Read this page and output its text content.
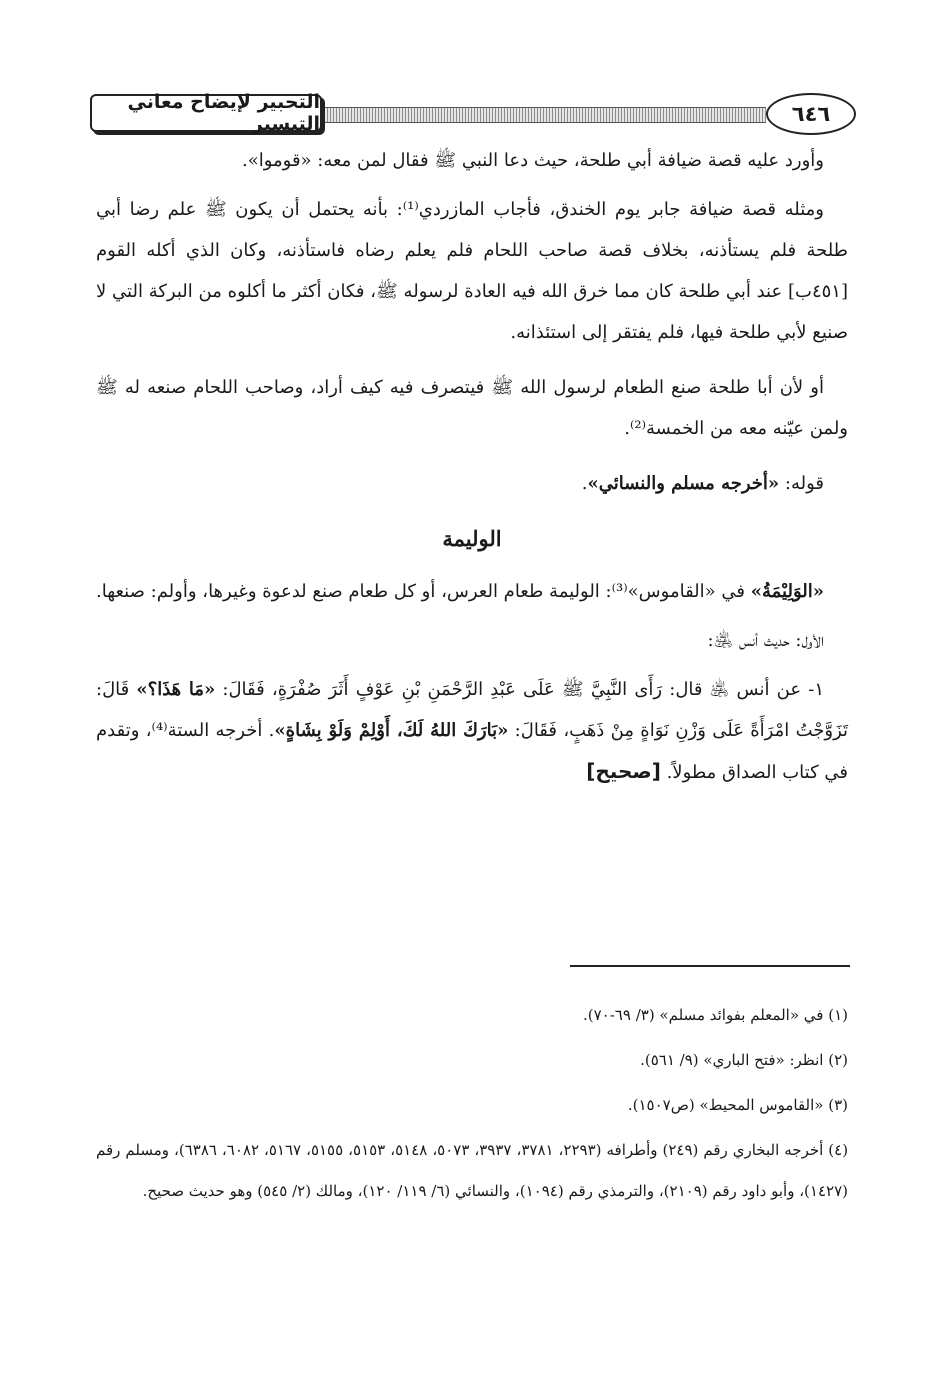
التحبير لإيضاح معاني التيسير	٦٤٦

وأورد عليه قصة ضيافة أبي طلحة، حيث دعا النبي ﷺ فقال لمن معه: «قوموا».

ومثله قصة ضيافة جابر يوم الخندق، فأجاب المازردي⁽¹⁾: بأنه يحتمل أن يكون ﷺ علم رضا أبي طلحة فلم يستأذنه، بخلاف قصة صاحب اللحام فلم يعلم رضاه فاستأذنه، وكان الذي أكله القوم [٤٥١ب] عند أبي طلحة كان مما خرق الله فيه العادة لرسوله ﷺ، فكان أكثر ما أكلوه من البركة التي لا صنيع لأبي طلحة فيها، فلم يفتقر إلى استئذانه.

أو لأن أبا طلحة صنع الطعام لرسول الله ﷺ فيتصرف فيه كيف أراد، وصاحب اللحام صنعه له ﷺ ولمن عيّنه معه من الخمسة⁽²⁾.

قوله: «أخرجه مسلم والنسائي».

الوليمة

«الوَلِيْمَةُ» في «القاموس»⁽³⁾: الوليمة طعام العرس، أو كل طعام صنع لدعوة وغيرها، وأولم: صنعها.

الأول: حديث أنس ﵁:

١- عن أنس ﵁ قال: رَأَى النَّبِيَّ ﷺ عَلَى عَبْدِ الرَّحْمَنِ بْنِ عَوْفٍ أَثَرَ صُفْرَةٍ، فَقَالَ: «مَا هَذَا؟» قَالَ: تَزَوَّجْتُ امْرَأَةً عَلَى وَزْنِ نَوَاةٍ مِنْ ذَهَبٍ، فَقَالَ: «بَارَكَ اللهُ لَكَ، أَوْلِمْ وَلَوْ بِشَاةٍ». أخرجه الستة⁽⁴⁾، وتقدم في كتاب الصداق مطولاً. [صحيح]

(١) في «المعلم بفوائد مسلم» (٣/ ٦٩-٧٠).

(٢) انظر: «فتح الباري» (٩/ ٥٦١).

(٣) «القاموس المحيط» (ص١٥٠٧).

(٤) أخرجه البخاري رقم (٢٤٩) وأطرافه (٢٢٩٣، ٣٧٨١، ٣٩٣٧، ٥٠٧٣، ٥١٤٨، ٥١٥٣، ٥١٥٥، ٥١٦٧، ٦٠٨٢، ٦٣٨٦)، ومسلم رقم (١٤٢٧)، وأبو داود رقم (٢١٠٩)، والترمذي رقم (١٠٩٤)، والنسائي (٦/ ١١٩/ ١٢٠)، ومالك (٢/ ٥٤٥) وهو حديث صحيح.
